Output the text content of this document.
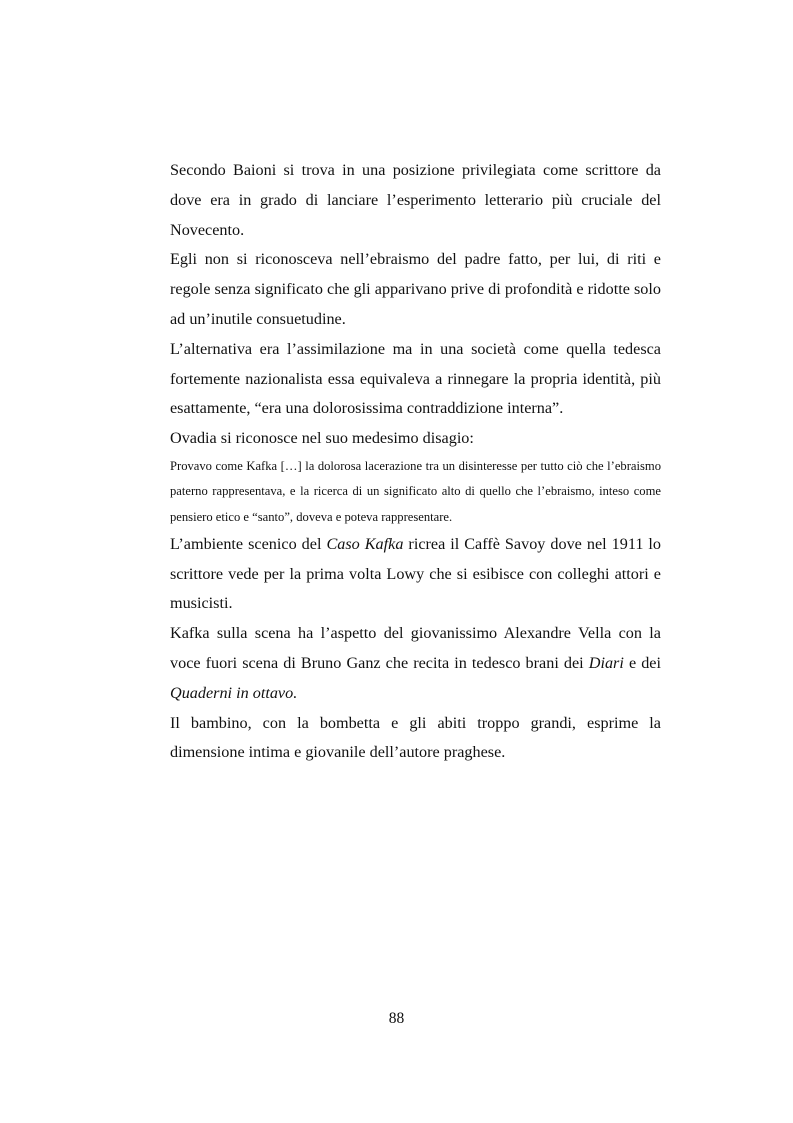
Secondo Baioni si trova in una posizione privilegiata come scrittore da dove era in grado di lanciare l’esperimento letterario più cruciale del Novecento.

Egli non si riconosceva nell’ebraismo del padre fatto, per lui, di riti e regole senza significato che gli apparivano prive di profondità e ridotte solo ad un’inutile consuetudine.

L’alternativa era l’assimilazione ma in una società come quella tedesca fortemente nazionalista essa equivaleva a rinnegare la propria identità, più esattamente, “era una dolorosissima contraddizione interna”.

Ovadia si riconosce nel suo medesimo disagio:

Provavo come Kafka […] la dolorosa lacerazione tra un disinteresse per tutto ciò che l’ebraismo paterno rappresentava, e la ricerca di un significato alto di quello che l’ebraismo, inteso come pensiero etico e “santo”, doveva e poteva rappresentare.

L’ambiente scenico del Caso Kafka ricrea il Caffè Savoy dove nel 1911 lo scrittore vede per la prima volta Lowy che si esibisce con colleghi attori e musicisti.

Kafka sulla scena ha l’aspetto del giovanissimo Alexandre Vella con la voce fuori scena di Bruno Ganz che recita in tedesco brani dei Diari e dei Quaderni in ottavo.

Il bambino, con la bombetta e gli abiti troppo grandi, esprime la dimensione intima e giovanile dell’autore praghese.

88
